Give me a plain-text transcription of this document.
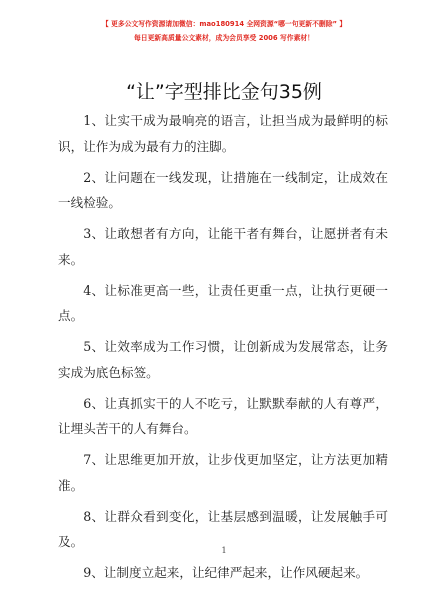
【 更多公文写作资源请加微信：mao180914 全网资源“哪一句更新不删除” 】
每日更新高质量公文素材，成为会员享受 2006 写作素材！
“让”字型排比金句35例

1、让实干成为最响亮的语言，让担当成为最鲜明的标识，让作为成为最有力的注脚。

2、让问题在一线发现，让措施在一线制定，让成效在一线检验。

3、让敢想者有方向，让能干者有舞台，让愿拼者有未来。

4、让标准更高一些，让责任更重一点，让执行更硬一点。

5、让效率成为工作习惯，让创新成为发展常态，让务实成为底色标签。

6、让真抓实干的人不吃亏，让默默奉献的人有尊严，让埋头苦干的人有舞台。

7、让思维更加开放，让步伐更加坚定，让方法更加精准。

8、让群众看到变化，让基层感到温暖，让发展触手可及。

9、让制度立起来，让纪律严起来，让作风硬起来。

1
